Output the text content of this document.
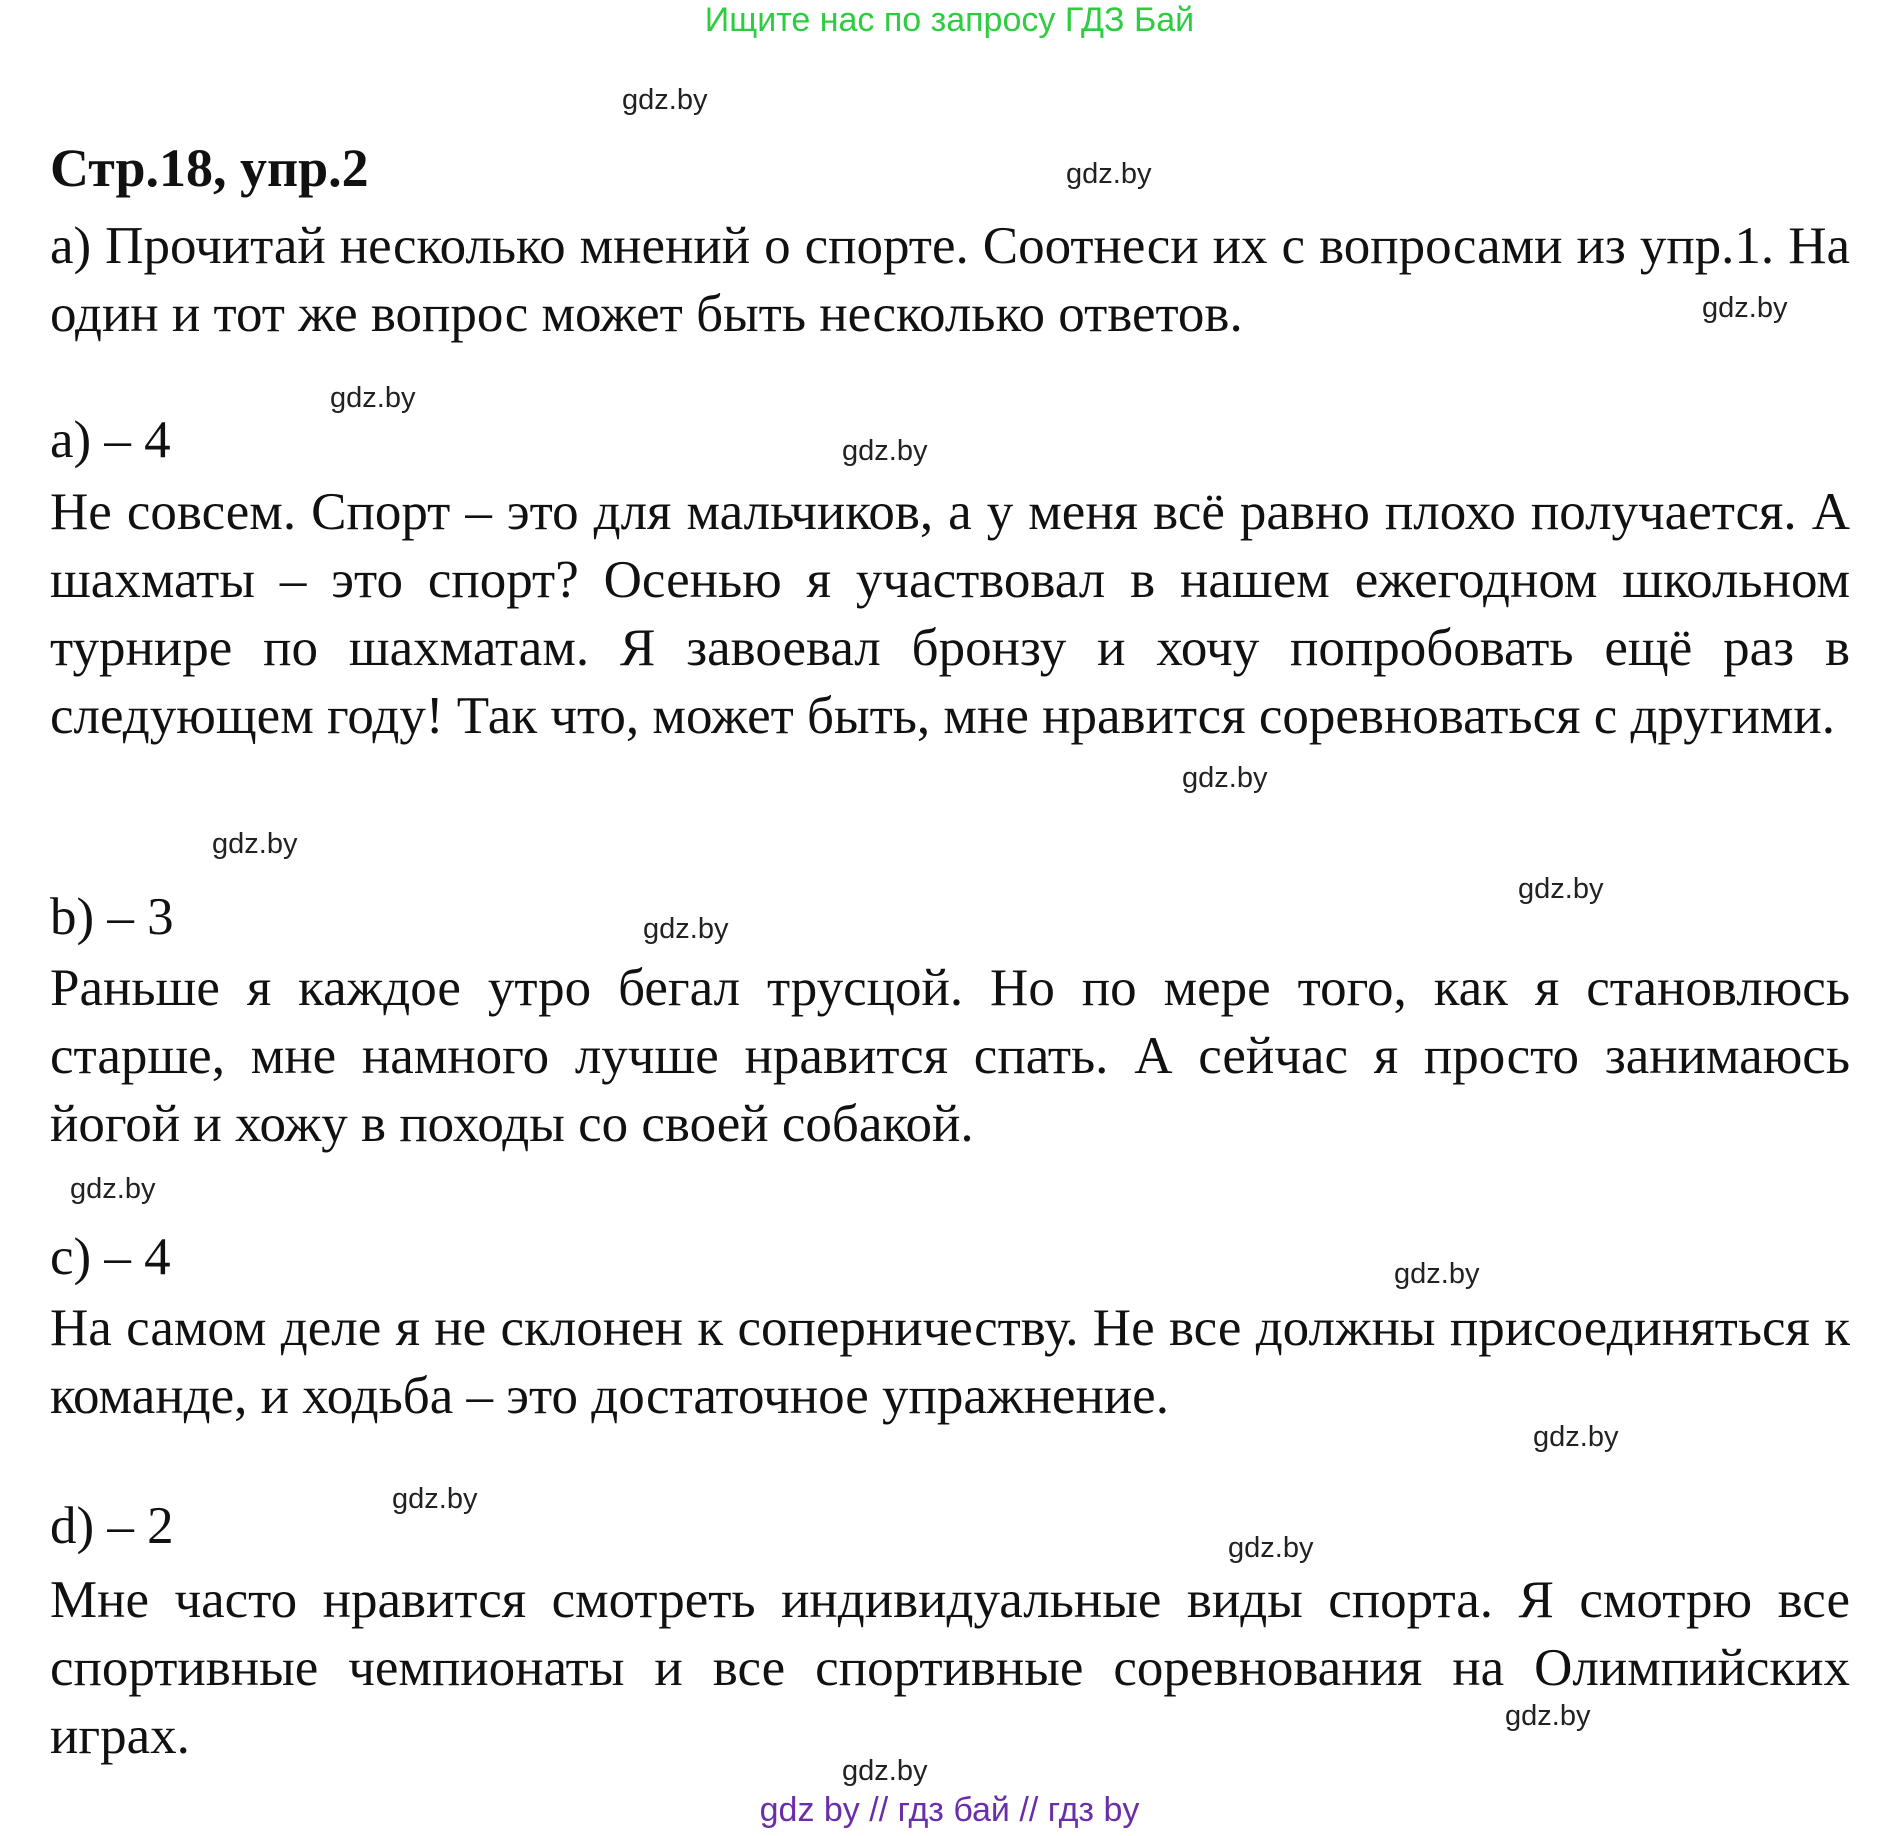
Ищите нас по запросу ГДЗ Бай
Стр.18, упр.2

а) Прочитай несколько мнений о спорте. Соотнеси их с вопросами из упр.1. На один и тот же вопрос может быть несколько ответов.

a) – 4

Не совсем. Спорт – это для мальчиков, а у меня всё равно плохо получается. А шахматы – это спорт? Осенью я участвовал в нашем ежегодном школьном турнире по шахматам. Я завоевал бронзу и хочу попробовать ещё раз в следующем году! Так что, может быть, мне нравится соревноваться с другими.

b) – 3

Раньше я каждое утро бегал трусцой. Но по мере того, как я становлюсь старше, мне намного лучше нравится спать. А сейчас я просто занимаюсь йогой и хожу в походы со своей собакой.

c) – 4

На самом деле я не склонен к соперничеству. Не все должны присоединяться к команде, и ходьба – это достаточное упражнение.

d) – 2

Мне часто нравится смотреть индивидуальные виды спорта. Я смотрю все спортивные чемпионаты и все спортивные соревнования на Олимпийских играх.

gdz.by
gdz.by
gdz.by
gdz.by
gdz.by
gdz.by
gdz.by
gdz.by
gdz.by
gdz.by
gdz.by
gdz.by
gdz.by
gdz.by
gdz.by
gdz.by
gdz by // гдз бай // гдз by
